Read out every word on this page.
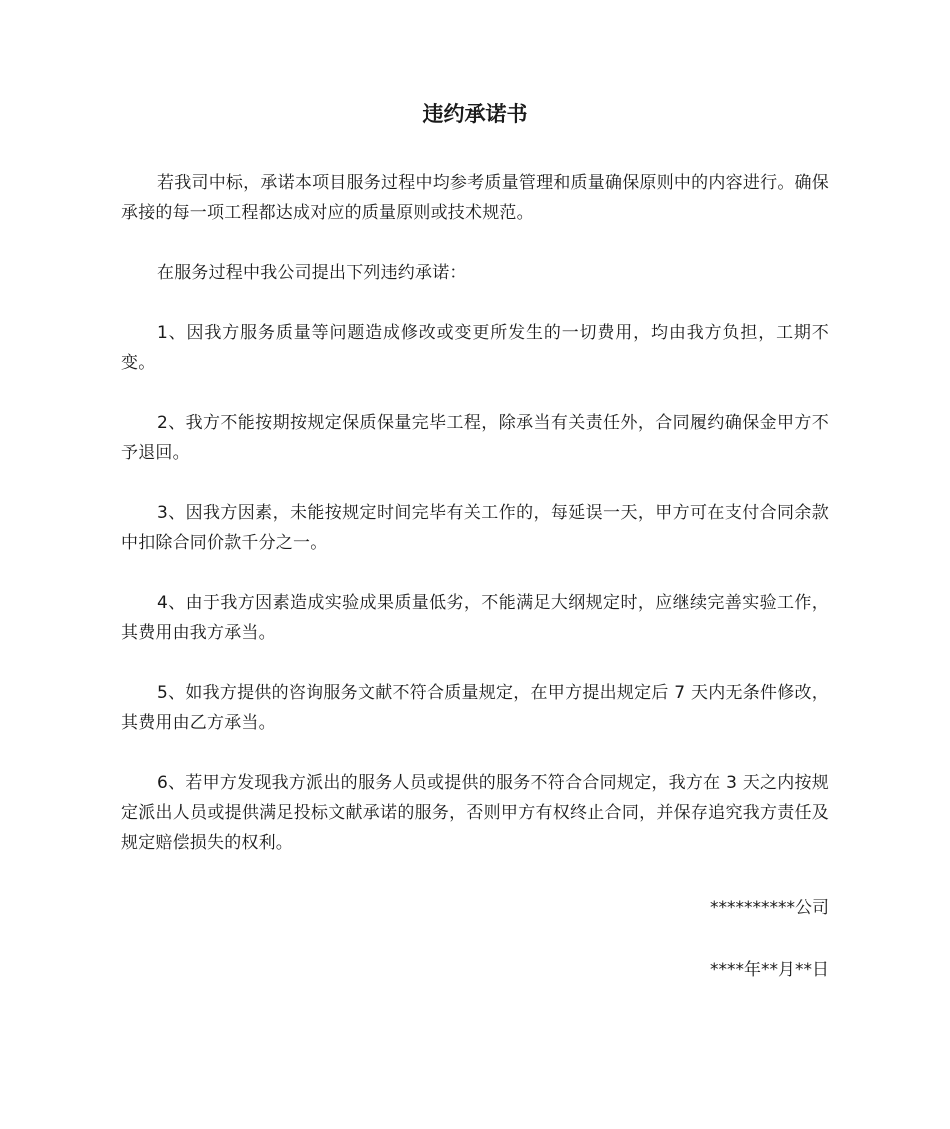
违约承诺书

若我司中标，承诺本项目服务过程中均参考质量管理和质量确保原则中的内容进行。确保承接的每一项工程都达成对应的质量原则或技术规范。

在服务过程中我公司提出下列违约承诺：

1、因我方服务质量等问题造成修改或变更所发生的一切费用，均由我方负担，工期不变。

2、我方不能按期按规定保质保量完毕工程，除承当有关责任外，合同履约确保金甲方不予退回。

3、因我方因素，未能按规定时间完毕有关工作的，每延误一天，甲方可在支付合同余款中扣除合同价款千分之一。

4、由于我方因素造成实验成果质量低劣，不能满足大纲规定时，应继续完善实验工作，其费用由我方承当。

5、如我方提供的咨询服务文献不符合质量规定，在甲方提出规定后 7 天内无条件修改，其费用由乙方承当。

6、若甲方发现我方派出的服务人员或提供的服务不符合合同规定，我方在 3 天之内按规定派出人员或提供满足投标文献承诺的服务，否则甲方有权终止合同，并保存追究我方责任及规定赔偿损失的权利。

**********公司

****年**月**日
